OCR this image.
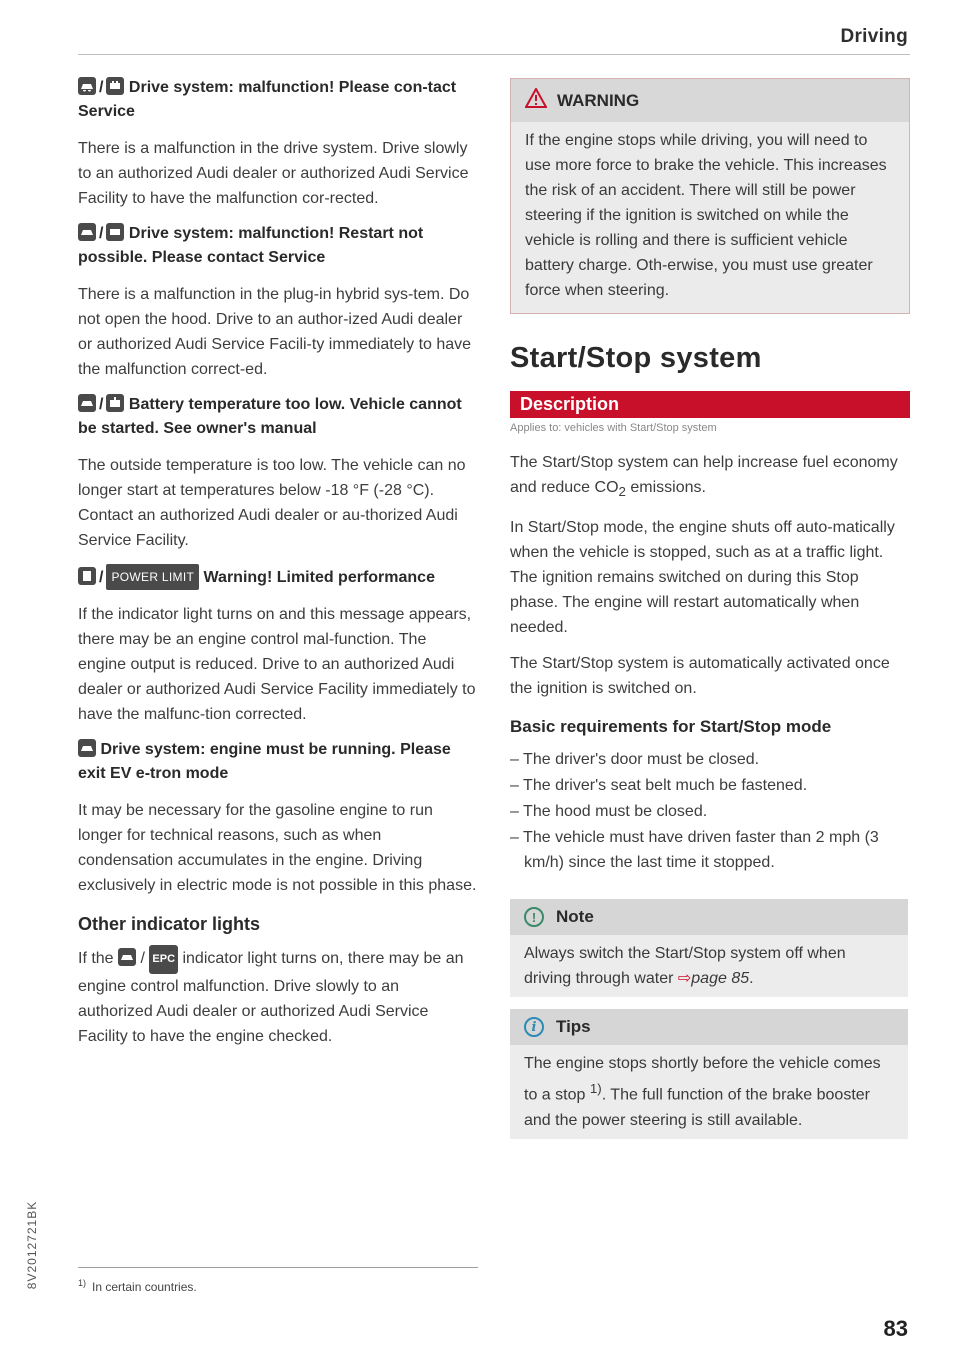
Driving
/ Drive system: malfunction! Please con-tact Service

There is a malfunction in the drive system. Drive slowly to an authorized Audi dealer or authorized Audi Service Facility to have the malfunction cor-rected.

/ Drive system: malfunction! Restart not possible. Please contact Service

There is a malfunction in the plug-in hybrid sys-tem. Do not open the hood. Drive to an author-ized Audi dealer or authorized Audi Service Facili-ty immediately to have the malfunction correct-ed.

/ Battery temperature too low. Vehicle cannot be started. See owner's manual

The outside temperature is too low. The vehicle can no longer start at temperatures below -18 °F (-28 °C). Contact an authorized Audi dealer or au-thorized Audi Service Facility.

/ POWER LIMIT Warning! Limited performance

If the indicator light turns on and this message appears, there may be an engine control mal-function. The engine output is reduced. Drive to an authorized Audi dealer or authorized Audi Service Facility immediately to have the malfunc-tion corrected.

Drive system: engine must be running. Please exit EV e-tron mode

It may be necessary for the gasoline engine to run longer for technical reasons, such as when condensation accumulates in the engine. Driving exclusively in electric mode is not possible in this phase.

Other indicator lights

If the / EPC indicator light turns on, there may be an engine control malfunction. Drive slowly to an authorized Audi dealer or authorized Audi Service Facility to have the engine checked.

$^{1)}$ In certain countries.
8V2012721BK
WARNING
If the engine stops while driving, you will need to use more force to brake the vehicle. This increases the risk of an accident. There will still be power steering if the ignition is switched on while the vehicle is rolling and there is sufficient vehicle battery charge. Oth-erwise, you must use greater force when steering.
Start/Stop system
Description
Applies to: vehicles with Start/Stop system

The Start/Stop system can help increase fuel economy and reduce $CO_2$ emissions.

In Start/Stop mode, the engine shuts off auto-matically when the vehicle is stopped, such as at a traffic light. The ignition remains switched on during this Stop phase. The engine will restart automatically when needed.

The Start/Stop system is automatically activated once the ignition is switched on.

Basic requirements for Start/Stop mode
– The driver's door must be closed.
– The driver's seat belt much be fastened.
– The hood must be closed.
– The vehicle must have driven faster than 2 mph (3 km/h) since the last time it stopped.
!	Note
Always switch the Start/Stop system off when driving through water ⇨page 85.
i	Tips
The engine stops shortly before the vehicle comes to a stop $^{1)}$. The full function of the brake booster and the power steering is still available.
83
